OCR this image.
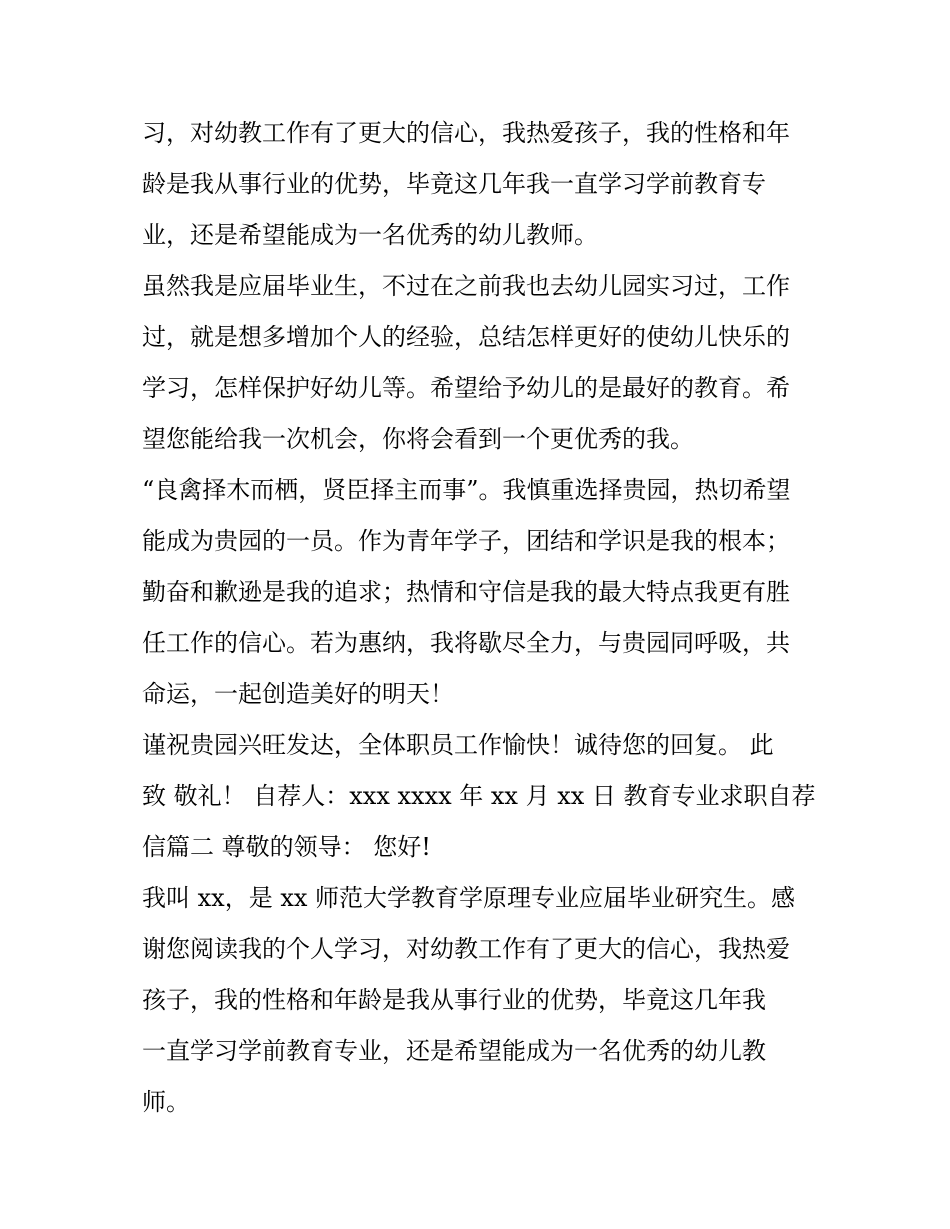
习，对幼教工作有了更大的信心，我热爱孩子，我的性格和年

龄是我从事行业的优势，毕竟这几年我一直学习学前教育专

业，还是希望能成为一名优秀的幼儿教师。

虽然我是应届毕业生，不过在之前我也去幼儿园实习过，工作

过，就是想多增加个人的经验，总结怎样更好的使幼儿快乐的

学习，怎样保护好幼儿等。希望给予幼儿的是最好的教育。希

望您能给我一次机会，你将会看到一个更优秀的我。

“良禽择木而栖，贤臣择主而事”。我慎重选择贵园，热切希望

能成为贵园的一员。作为青年学子，团结和学识是我的根本；

勤奋和歉逊是我的追求；热情和守信是我的最大特点我更有胜

任工作的信心。若为惠纳，我将歇尽全力，与贵园同呼吸，共

命运，一起创造美好的明天！

谨祝贵园兴旺发达，全体职员工作愉快！诚待您的回复。 此

致 敬礼！ 自荐人：xxx xxxx 年 xx 月 xx 日 教育专业求职自荐

信篇二 尊敬的领导： 您好!

我叫 xx，是 xx 师范大学教育学原理专业应届毕业研究生。感

谢您阅读我的个人学习，对幼教工作有了更大的信心，我热爱

孩子，我的性格和年龄是我从事行业的优势，毕竟这几年我

一直学习学前教育专业，还是希望能成为一名优秀的幼儿教

师。
